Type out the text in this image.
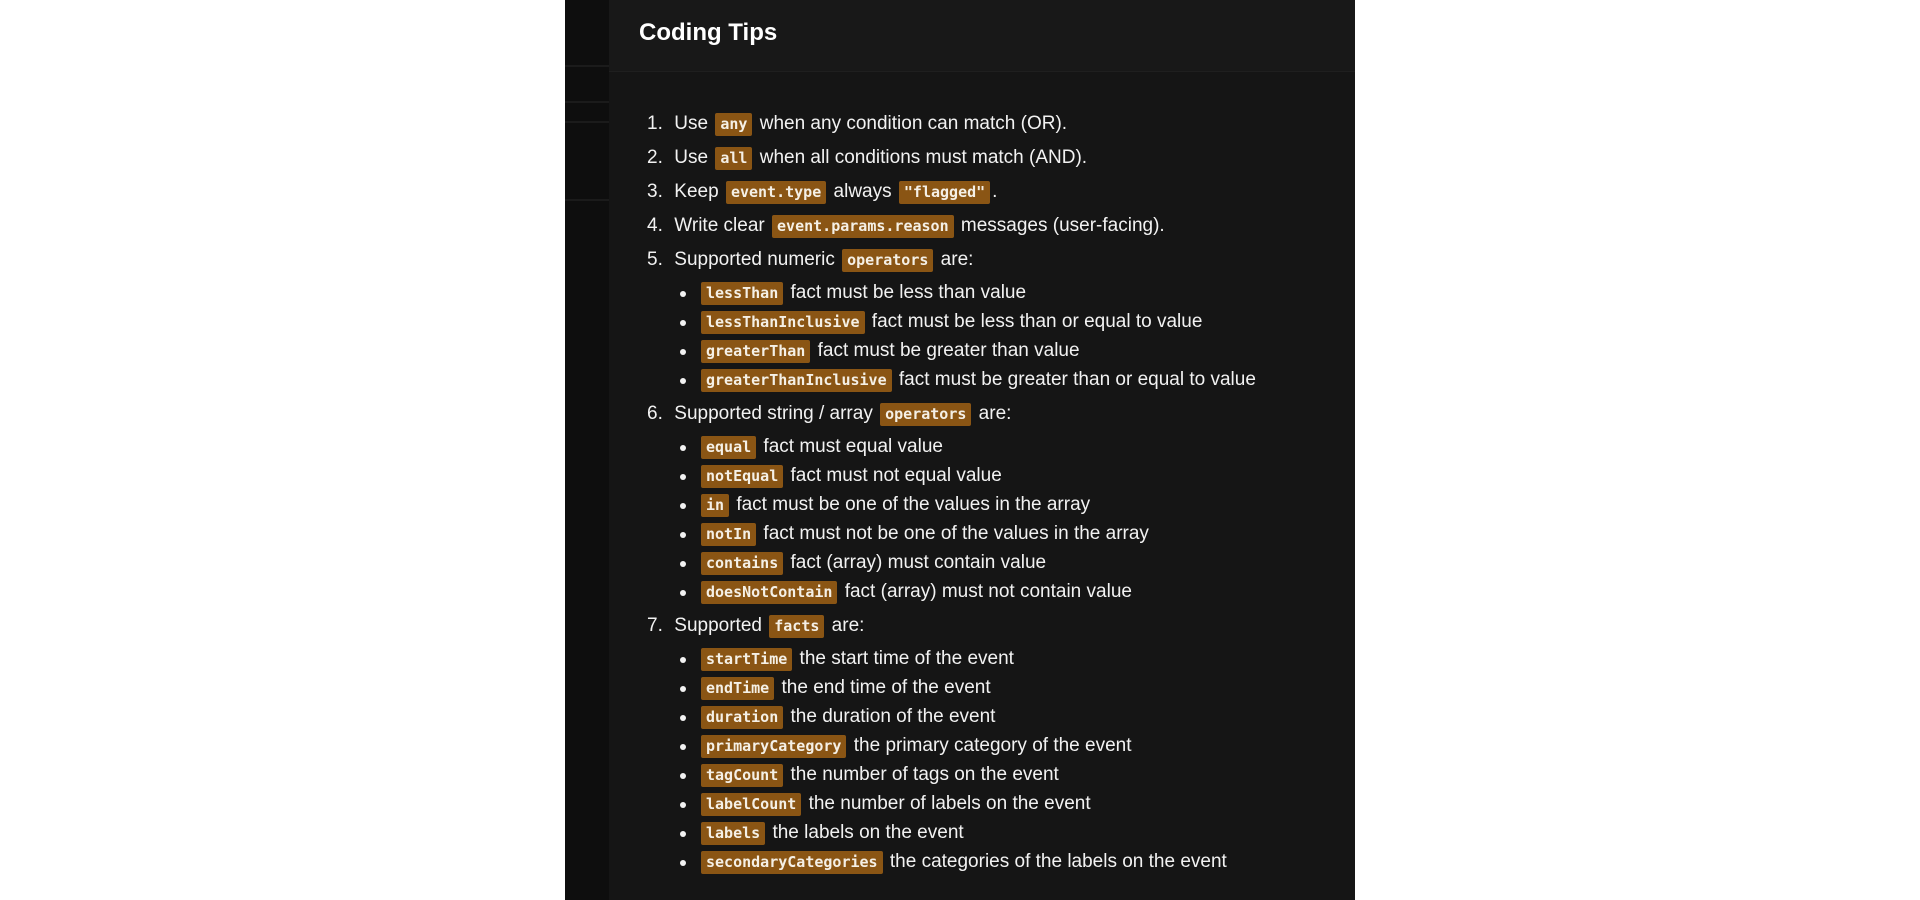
Coding Tips
1. Use any when any condition can match (OR).
2. Use all when all conditions must match (AND).
3. Keep event.type always "flagged" .
4. Write clear event.params.reason messages (user-facing).
5. Supported numeric operators are:
lessThan fact must be less than value
lessThanInclusive fact must be less than or equal to value
greaterThan fact must be greater than value
greaterThanInclusive fact must be greater than or equal to value
6. Supported string / array operators are:
equal fact must equal value
notEqual fact must not equal value
in fact must be one of the values in the array
notIn fact must not be one of the values in the array
contains fact (array) must contain value
doesNotContain fact (array) must not contain value
7. Supported facts are:
startTime the start time of the event
endTime the end time of the event
duration the duration of the event
primaryCategory the primary category of the event
tagCount the number of tags on the event
labelCount the number of labels on the event
labels the labels on the event
secondaryCategories the categories of the labels on the event
